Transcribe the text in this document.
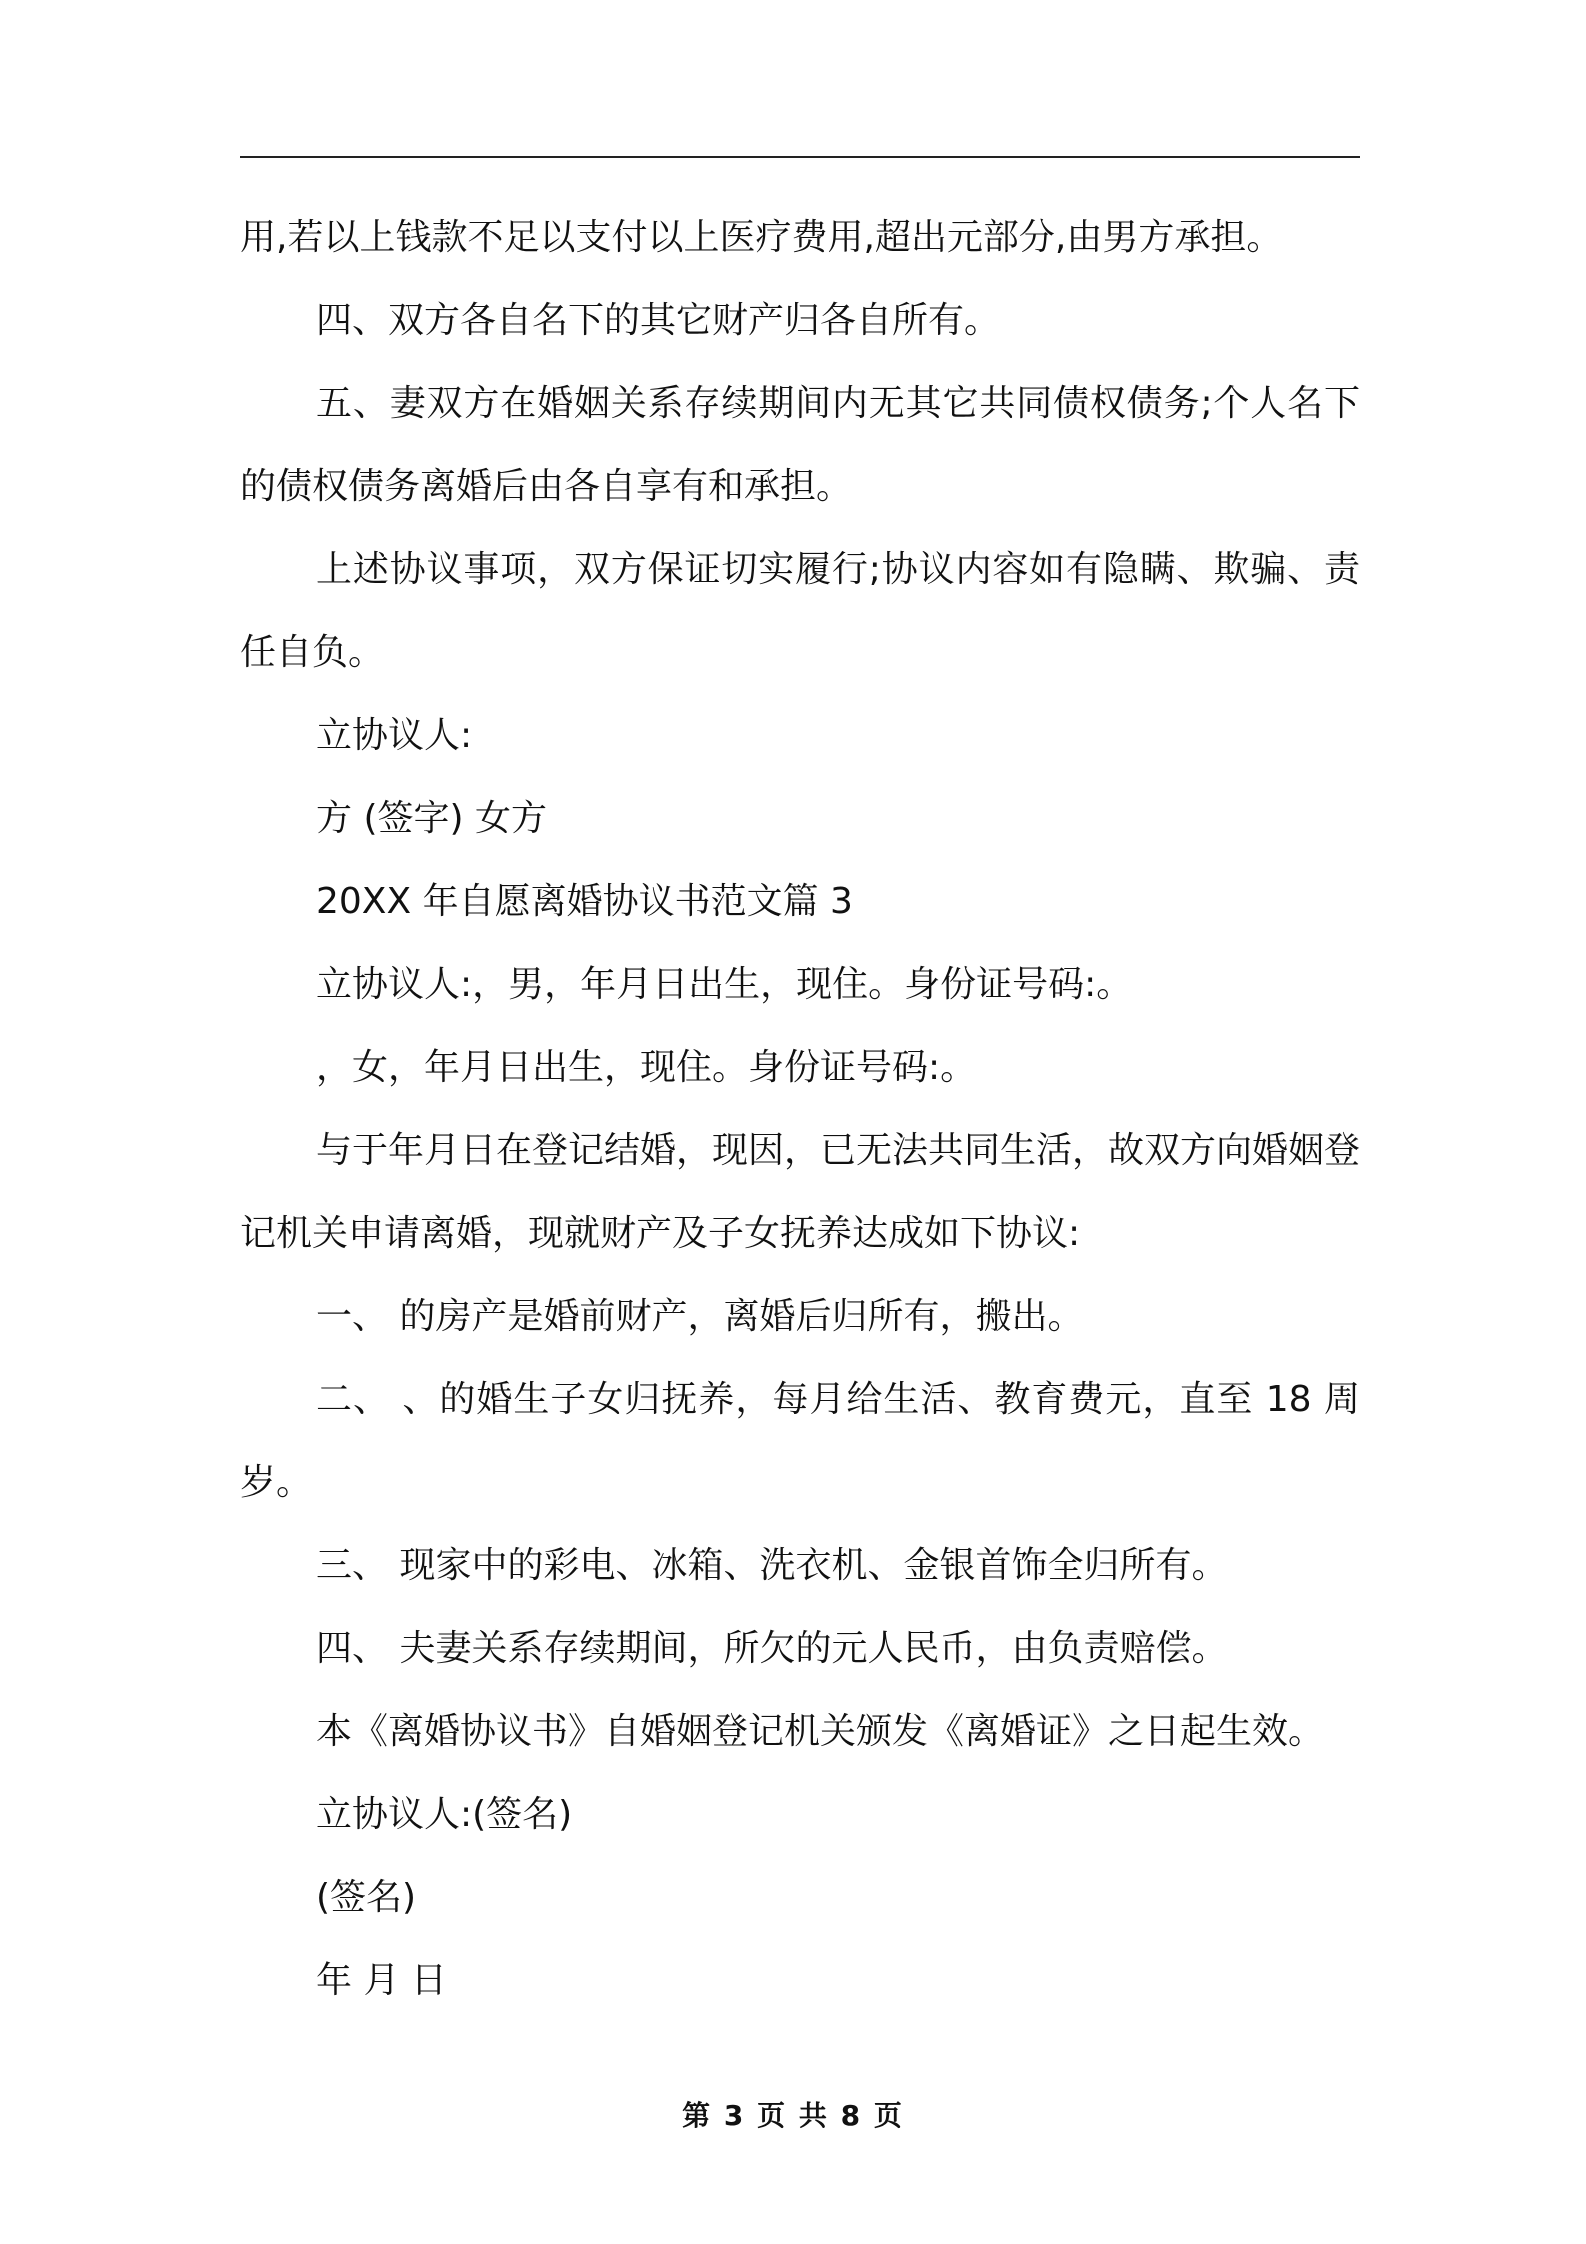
用,若以上钱款不足以支付以上医疗费用,超出元部分,由男方承担。

四、双方各自名下的其它财产归各自所有。

五、妻双方在婚姻关系存续期间内无其它共同债权债务;个人名下的债权债务离婚后由各自享有和承担。

上述协议事项，双方保证切实履行;协议内容如有隐瞒、欺骗、责任自负。

立协议人:

方 (签字) 女方

20XX 年自愿离婚协议书范文篇 3

立协议人:，男，年月日出生，现住。身份证号码:。

，女，年月日出生，现住。身份证号码:。

与于年月日在登记结婚，现因，已无法共同生活，故双方向婚姻登记机关申请离婚，现就财产及子女抚养达成如下协议:

一、 的房产是婚前财产，离婚后归所有，搬出。

二、 、的婚生子女归抚养，每月给生活、教育费元，直至 18 周岁。

三、 现家中的彩电、冰箱、洗衣机、金银首饰全归所有。

四、 夫妻关系存续期间，所欠的元人民币，由负责赔偿。

本《离婚协议书》自婚姻登记机关颁发《离婚证》之日起生效。

立协议人:(签名)

(签名)

年 月 日

第 3 页 共 8 页
